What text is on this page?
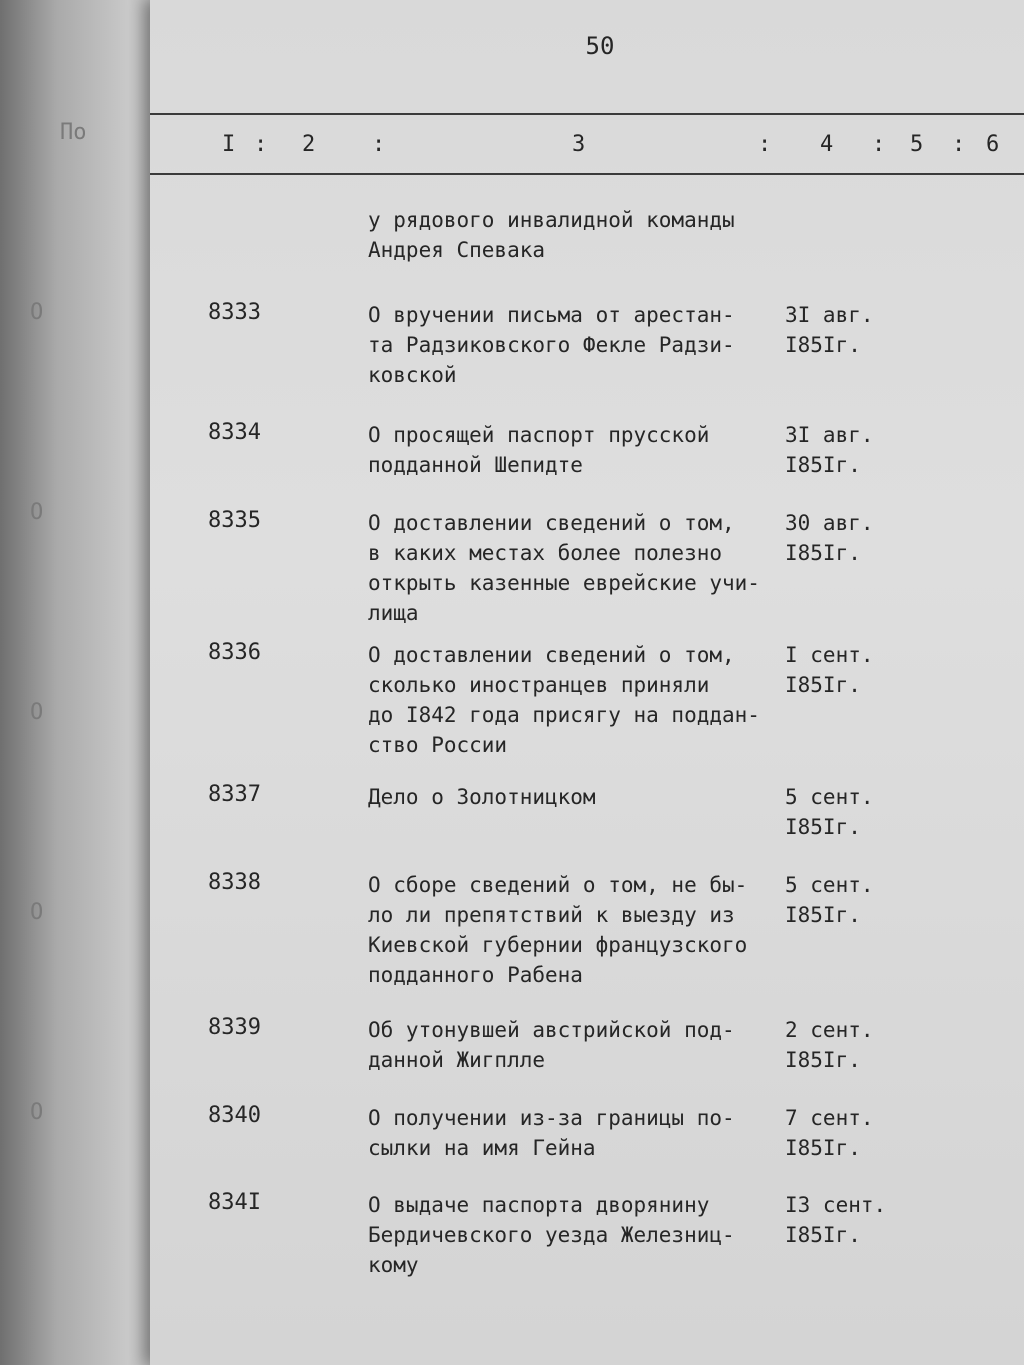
По
О
О
О
О
О
50
I : 2	:	3	: 4 : 5 : 6
у рядового инвалидной команды
Андрея Спевака
8333	О вручении письма от арестан-
та Радзиковского Фекле Радзи-
ковской
3I авг.
I85Iг.
8334	О просящей паспорт прусской
подданной Шепидте
3I авг.
I85Iг.
8335	О доставлении сведений о том,
в каких местах более полезно
открыть казенные еврейские учи-
лища
30 авг.
I85Iг.
8336	О доставлении сведений о том,
сколько иностранцев приняли
до I842 года присягу на поддан-
ство России
I сент.
I85Iг.
8337	Дело о Золотницком	5 сент.
I85Iг.
8338	О сборе сведений о том, не бы-
ло ли препятствий к выезду из
Киевской губернии французского
подданного Рабена
5 сент.
I85Iг.
8339	Об утонувшей австрийской под-
данной Жигплле
2 сент.
I85Iг.
8340	О получении из-за границы по-
сылки на имя Гейна
7 сент.
I85Iг.
834I	О выдаче паспорта дворянину
Бердичевского уезда Железниц-
кому
I3 сент.
I85Iг.
